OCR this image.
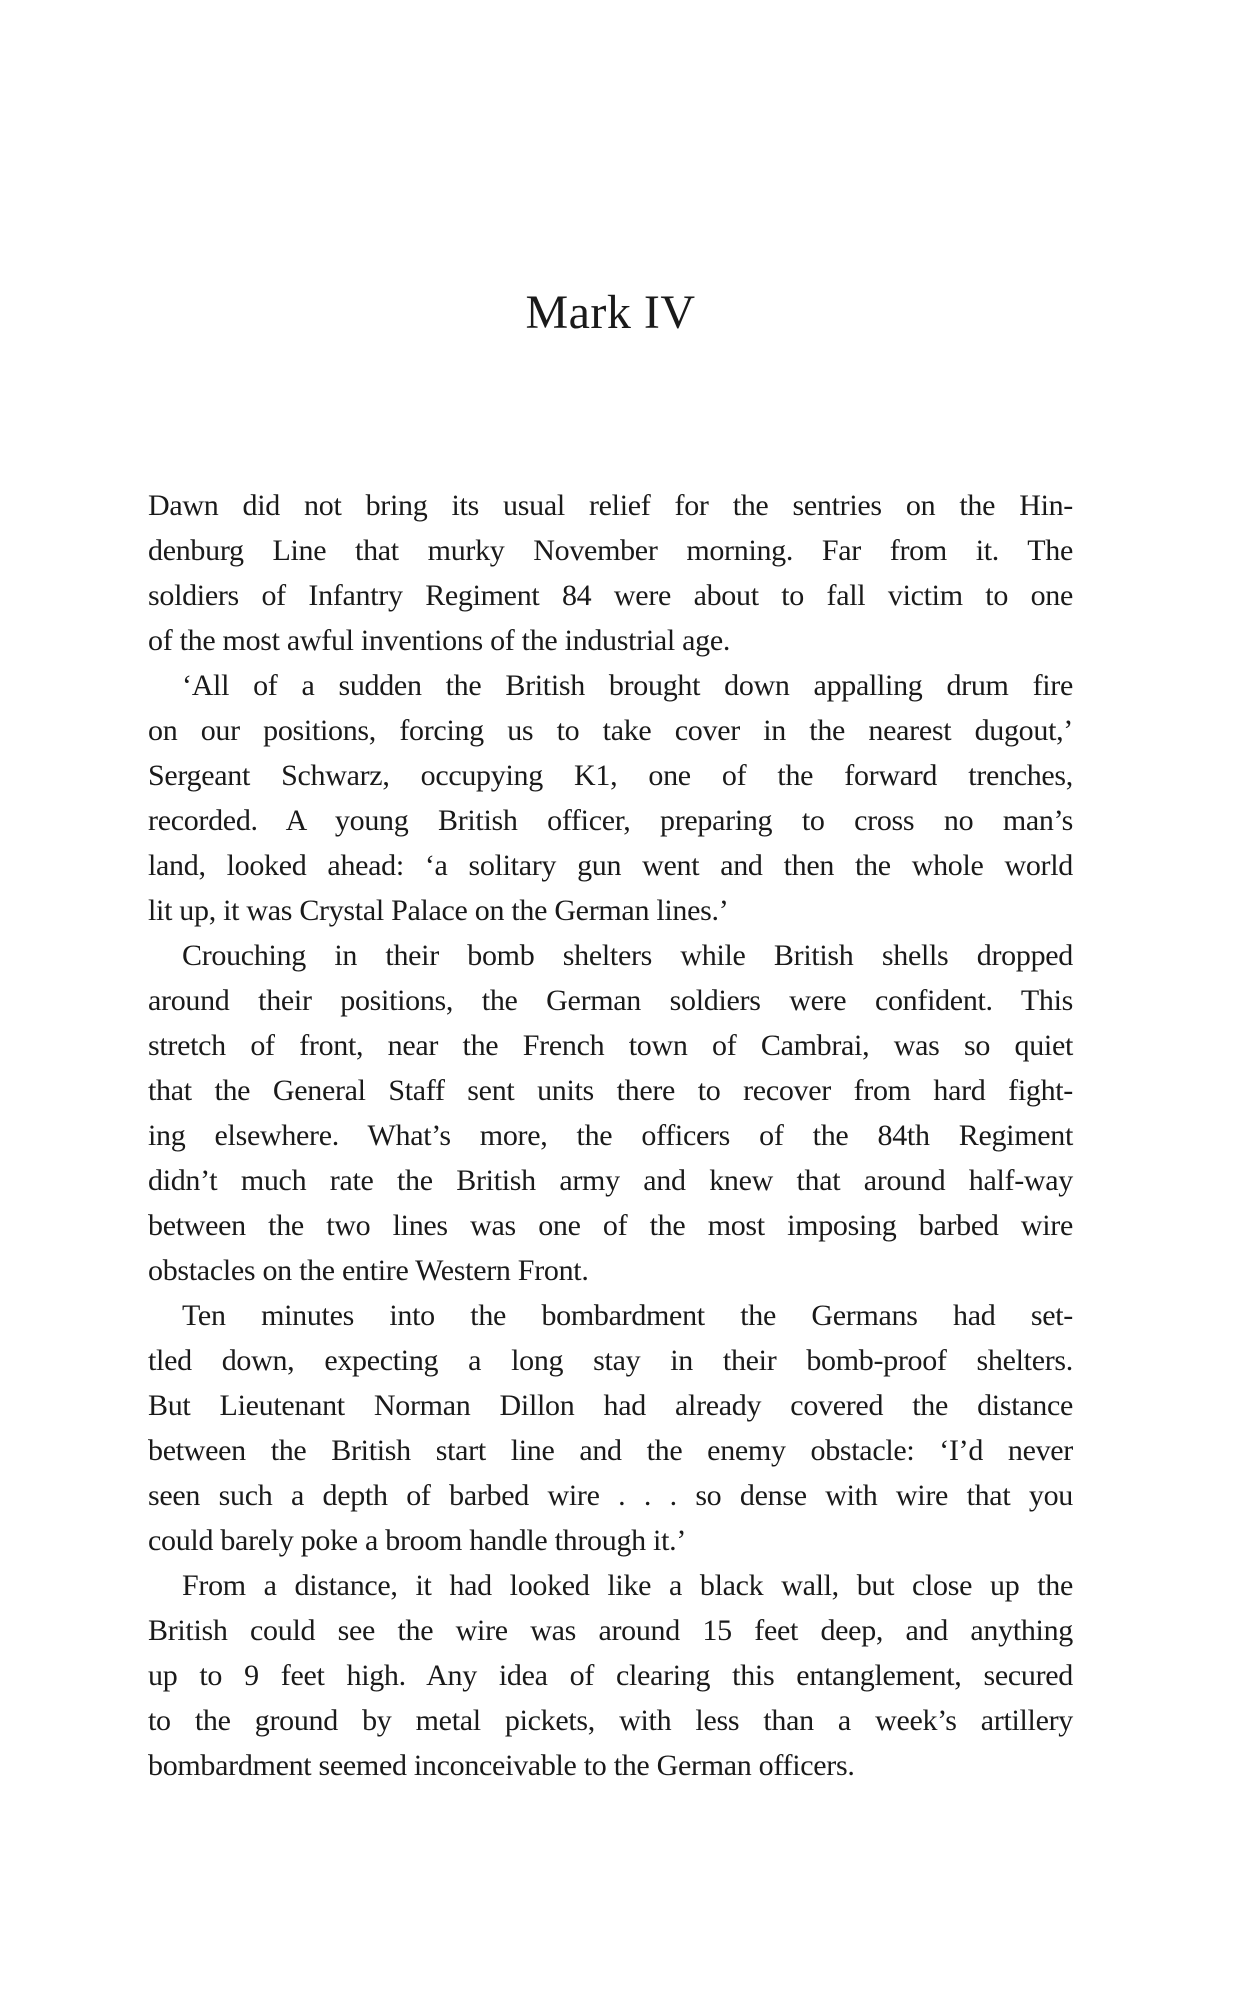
Mark IV
Dawn did not bring its usual relief for the sentries on the Hin-
denburg Line that murky November morning. Far from it. The
soldiers of Infantry Regiment 84 were about to fall victim to one
of the most awful inventions of the industrial age.
‘All of a sudden the British brought down appalling drum fire
on our positions, forcing us to take cover in the nearest dugout,’
Sergeant Schwarz, occupying K1, one of the forward trenches,
recorded. A young British officer, preparing to cross no man’s
land, looked ahead: ‘a solitary gun went and then the whole world
lit up, it was Crystal Palace on the German lines.’
Crouching in their bomb shelters while British shells dropped
around their positions, the German soldiers were confident. This
stretch of front, near the French town of Cambrai, was so quiet
that the General Staff sent units there to recover from hard fight-
ing elsewhere. What’s more, the officers of the 84th Regiment
didn’t much rate the British army and knew that around half-way
between the two lines was one of the most imposing barbed wire
obstacles on the entire Western Front.
Ten minutes into the bombardment the Germans had set-
tled down, expecting a long stay in their bomb-proof shelters.
But Lieutenant Norman Dillon had already covered the distance
between the British start line and the enemy obstacle: ‘I’d never
seen such a depth of barbed wire . . . so dense with wire that you
could barely poke a broom handle through it.’
From a distance, it had looked like a black wall, but close up the
British could see the wire was around 15 feet deep, and anything
up to 9 feet high. Any idea of clearing this entanglement, secured
to the ground by metal pickets, with less than a week’s artillery
bombardment seemed inconceivable to the German officers.
